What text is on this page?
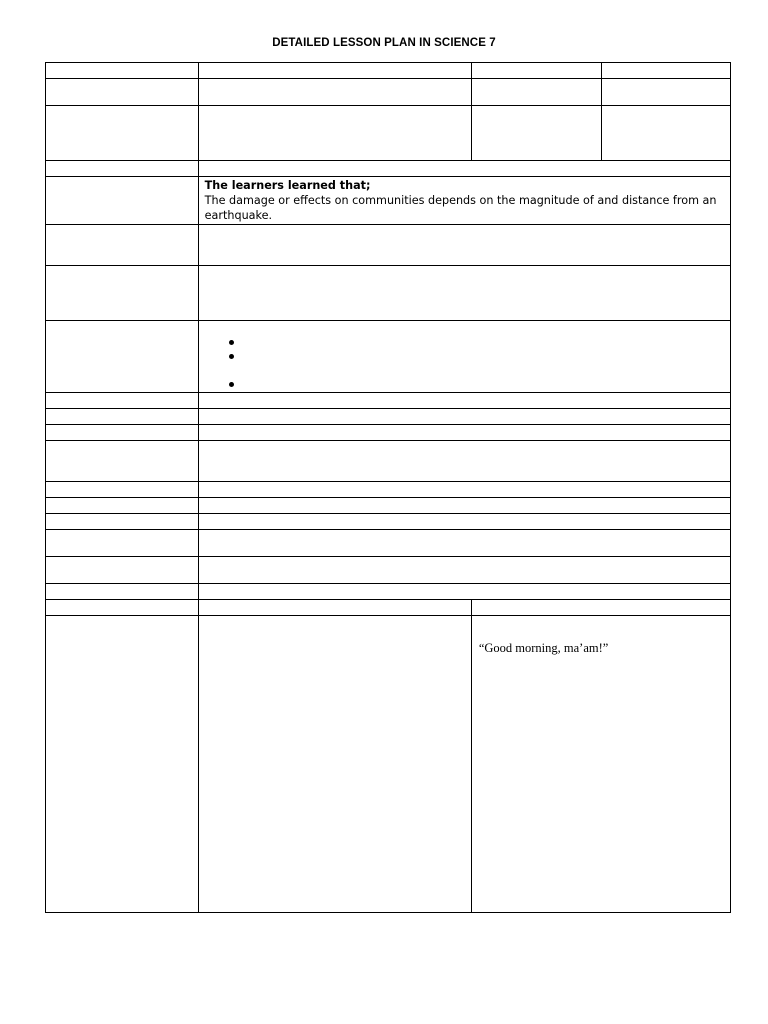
DETAILED LESSON PLAN IN SCIENCE 7

	The learners learned that;
The damage or effects on communities depends on the magnitude of and distance from an earthquake.		

		“Good morning, ma’am!”	
